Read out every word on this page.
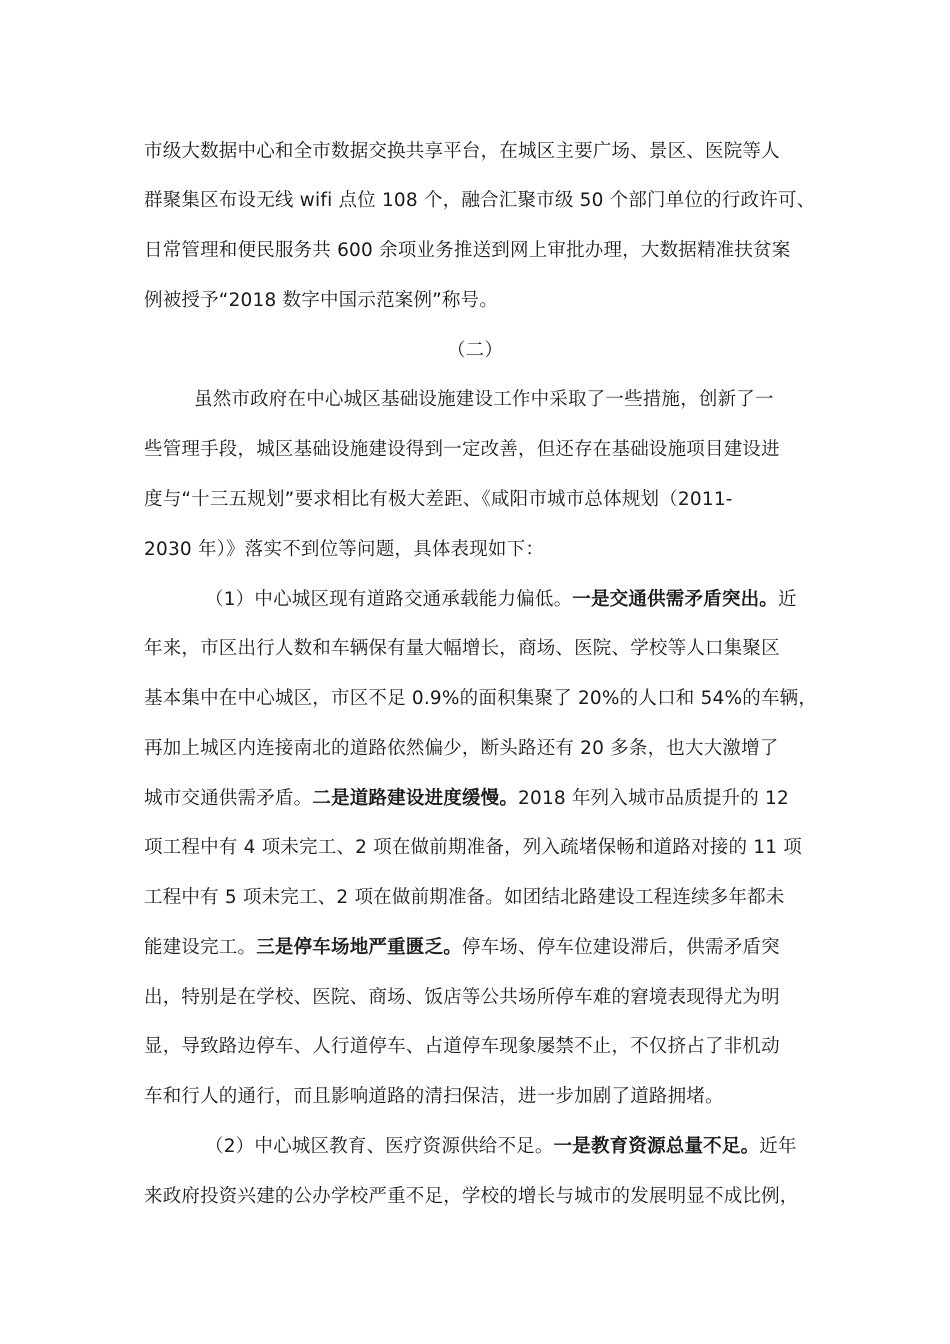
市级大数据中心和全市数据交换共享平台，在城区主要广场、景区、医院等人
群聚集区布设无线 wifi 点位 108 个，融合汇聚市级 50 个部门单位的行政许可、
日常管理和便民服务共 600 余项业务推送到网上审批办理，大数据精准扶贫案
例被授予“2018 数字中国示范案例”称号。
（二）
虽然市政府在中心城区基础设施建设工作中采取了一些措施，创新了一
些管理手段，城区基础设施建设得到一定改善，但还存在基础设施项目建设进
度与“十三五规划”要求相比有极大差距、《咸阳市城市总体规划（2011-
2030 年）》落实不到位等问题，具体表现如下：
（1）中心城区现有道路交通承载能力偏低。一是交通供需矛盾突出。近
年来，市区出行人数和车辆保有量大幅增长，商场、医院、学校等人口集聚区
基本集中在中心城区，市区不足 0.9%的面积集聚了 20%的人口和 54%的车辆，
再加上城区内连接南北的道路依然偏少，断头路还有 20 多条，也大大激增了
城市交通供需矛盾。二是道路建设进度缓慢。2018 年列入城市品质提升的 12
项工程中有 4 项未完工、2 项在做前期准备，列入疏堵保畅和道路对接的 11 项
工程中有 5 项未完工、2 项在做前期准备。如团结北路建设工程连续多年都未
能建设完工。三是停车场地严重匮乏。停车场、停车位建设滞后，供需矛盾突
出，特别是在学校、医院、商场、饭店等公共场所停车难的窘境表现得尤为明
显，导致路边停车、人行道停车、占道停车现象屡禁不止，不仅挤占了非机动
车和行人的通行，而且影响道路的清扫保洁，进一步加剧了道路拥堵。
（2）中心城区教育、医疗资源供给不足。一是教育资源总量不足。近年
来政府投资兴建的公办学校严重不足，学校的增长与城市的发展明显不成比例，
